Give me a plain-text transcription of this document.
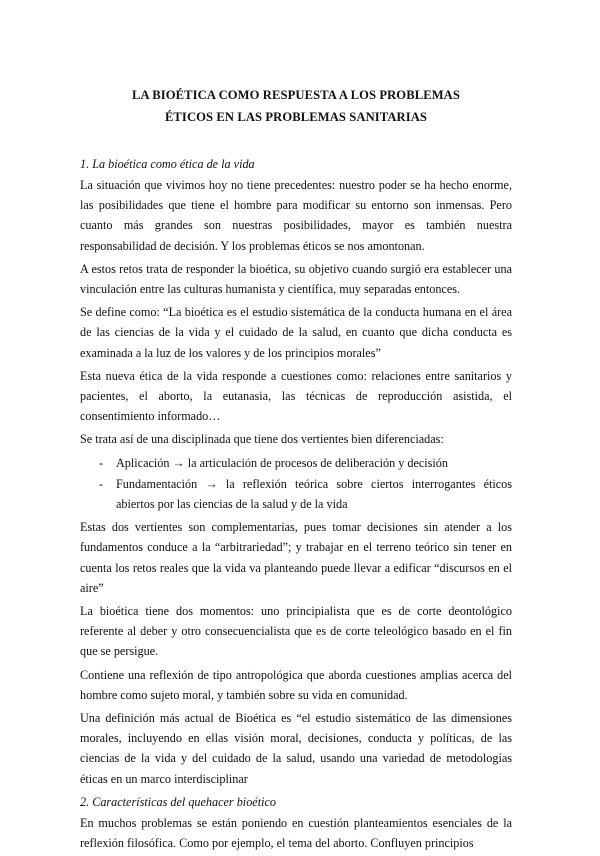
LA BIOÉTICA COMO RESPUESTA A LOS PROBLEMAS
ÉTICOS EN LAS PROBLEMAS SANITARIAS
1. La bioética como ética de la vida

La situación que vivimos hoy no tiene precedentes: nuestro poder se ha hecho enorme, las posibilidades que tiene el hombre para modificar su entorno son inmensas. Pero cuanto más grandes son nuestras posibilidades, mayor es también nuestra responsabilidad de decisión. Y los problemas éticos se nos amontonan.

A estos retos trata de responder la bioética, su objetivo cuando surgió era establecer una vinculación entre las culturas humanista y científica, muy separadas entonces.

Se define como: “La bioética es el estudio sistemática de la conducta humana en el área de las ciencias de la vida y el cuidado de la salud, en cuanto que dicha conducta es examinada a la luz de los valores y de los principios morales”

Esta nueva ética de la vida responde a cuestiones como: relaciones entre sanitarios y pacientes, el aborto, la eutanasia, las técnicas de reproducción asistida, el consentimiento informado…

Se trata así de una disciplinada que tiene dos vertientes bien diferenciadas:

- Aplicación → la articulación de procesos de deliberación y decisión
- Fundamentación → la reflexión teórica sobre ciertos interrogantes éticos abiertos por las ciencias de la salud y de la vida

Estas dos vertientes son complementarias, pues tomar decisiones sin atender a los fundamentos conduce a la “arbitrariedad”; y trabajar en el terreno teórico sin tener en cuenta los retos reales que la vida va planteando puede llevar a edificar “discursos en el aire”

La bioética tiene dos momentos: uno principialista que es de corte deontológico referente al deber y otro consecuencialista que es de corte teleológico basado en el fin que se persigue.

Contiene una reflexión de tipo antropológica que aborda cuestiones amplias acerca del hombre como sujeto moral, y también sobre su vida en comunidad.

Una definición más actual de Bioética es “el estudio sistemático de las dimensiones morales, incluyendo en ellas visión moral, decisiones, conducta y políticas, de las ciencias de la vida y del cuidado de la salud, usando una variedad de metodologías éticas en un marco interdisciplinar

2. Características del quehacer bioético

En muchos problemas se están poniendo en cuestión planteamientos esenciales de la reflexión filosófica. Como por ejemplo, el tema del aborto. Confluyen principios
